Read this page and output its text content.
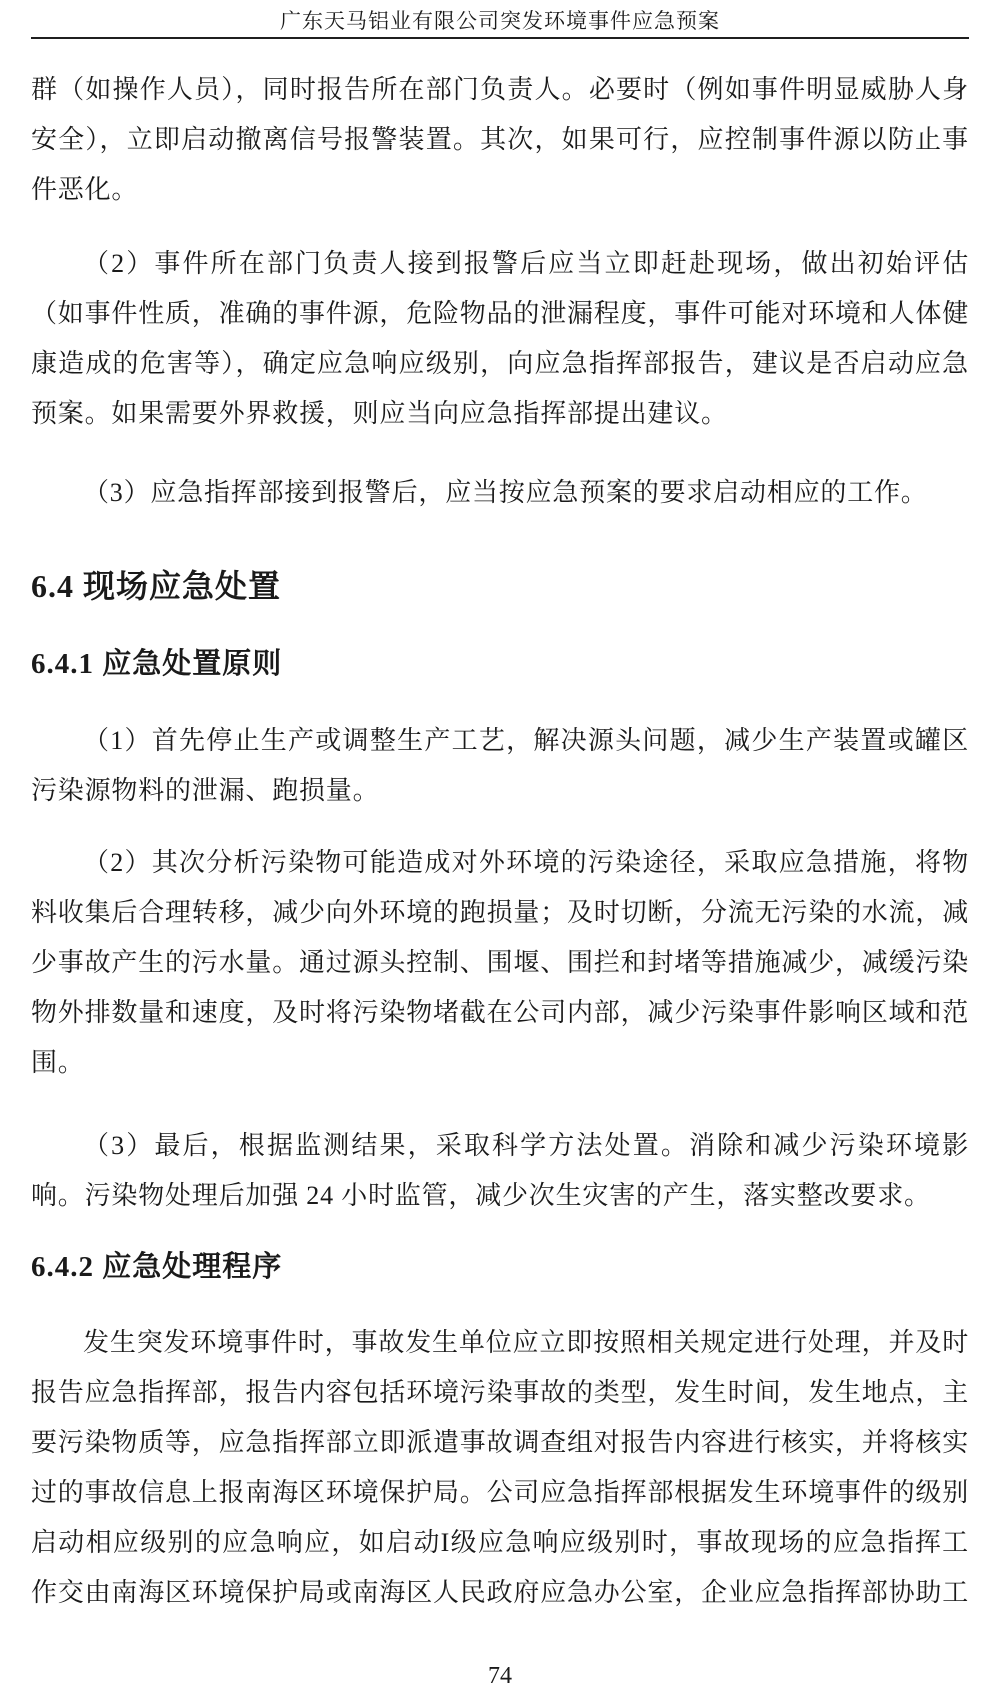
广东天马铝业有限公司突发环境事件应急预案

群（如操作人员），同时报告所在部门负责人。必要时（例如事件明显威胁人身安全），立即启动撤离信号报警装置。其次，如果可行，应控制事件源以防止事件恶化。

（2）事件所在部门负责人接到报警后应当立即赶赴现场，做出初始评估（如事件性质，准确的事件源，危险物品的泄漏程度，事件可能对环境和人体健康造成的危害等），确定应急响应级别，向应急指挥部报告，建议是否启动应急预案。如果需要外界救援，则应当向应急指挥部提出建议。

（3）应急指挥部接到报警后，应当按应急预案的要求启动相应的工作。

6.4 现场应急处置
6.4.1 应急处置原则

（1）首先停止生产或调整生产工艺，解决源头问题，减少生产装置或罐区污染源物料的泄漏、跑损量。

（2）其次分析污染物可能造成对外环境的污染途径，采取应急措施，将物料收集后合理转移，减少向外环境的跑损量；及时切断，分流无污染的水流，减少事故产生的污水量。通过源头控制、围堰、围拦和封堵等措施减少，减缓污染物外排数量和速度，及时将污染物堵截在公司内部，减少污染事件影响区域和范围。

（3）最后，根据监测结果，采取科学方法处置。消除和减少污染环境影响。污染物处理后加强 24 小时监管，减少次生灾害的产生，落实整改要求。

6.4.2 应急处理程序

发生突发环境事件时，事故发生单位应立即按照相关规定进行处理，并及时报告应急指挥部，报告内容包括环境污染事故的类型，发生时间，发生地点，主要污染物质等，应急指挥部立即派遣事故调查组对报告内容进行核实，并将核实过的事故信息上报南海区环境保护局。公司应急指挥部根据发生环境事件的级别启动相应级别的应急响应，如启动I级应急响应级别时，事故现场的应急指挥工作交由南海区环境保护局或南海区人民政府应急办公室，企业应急指挥部协助工

74
